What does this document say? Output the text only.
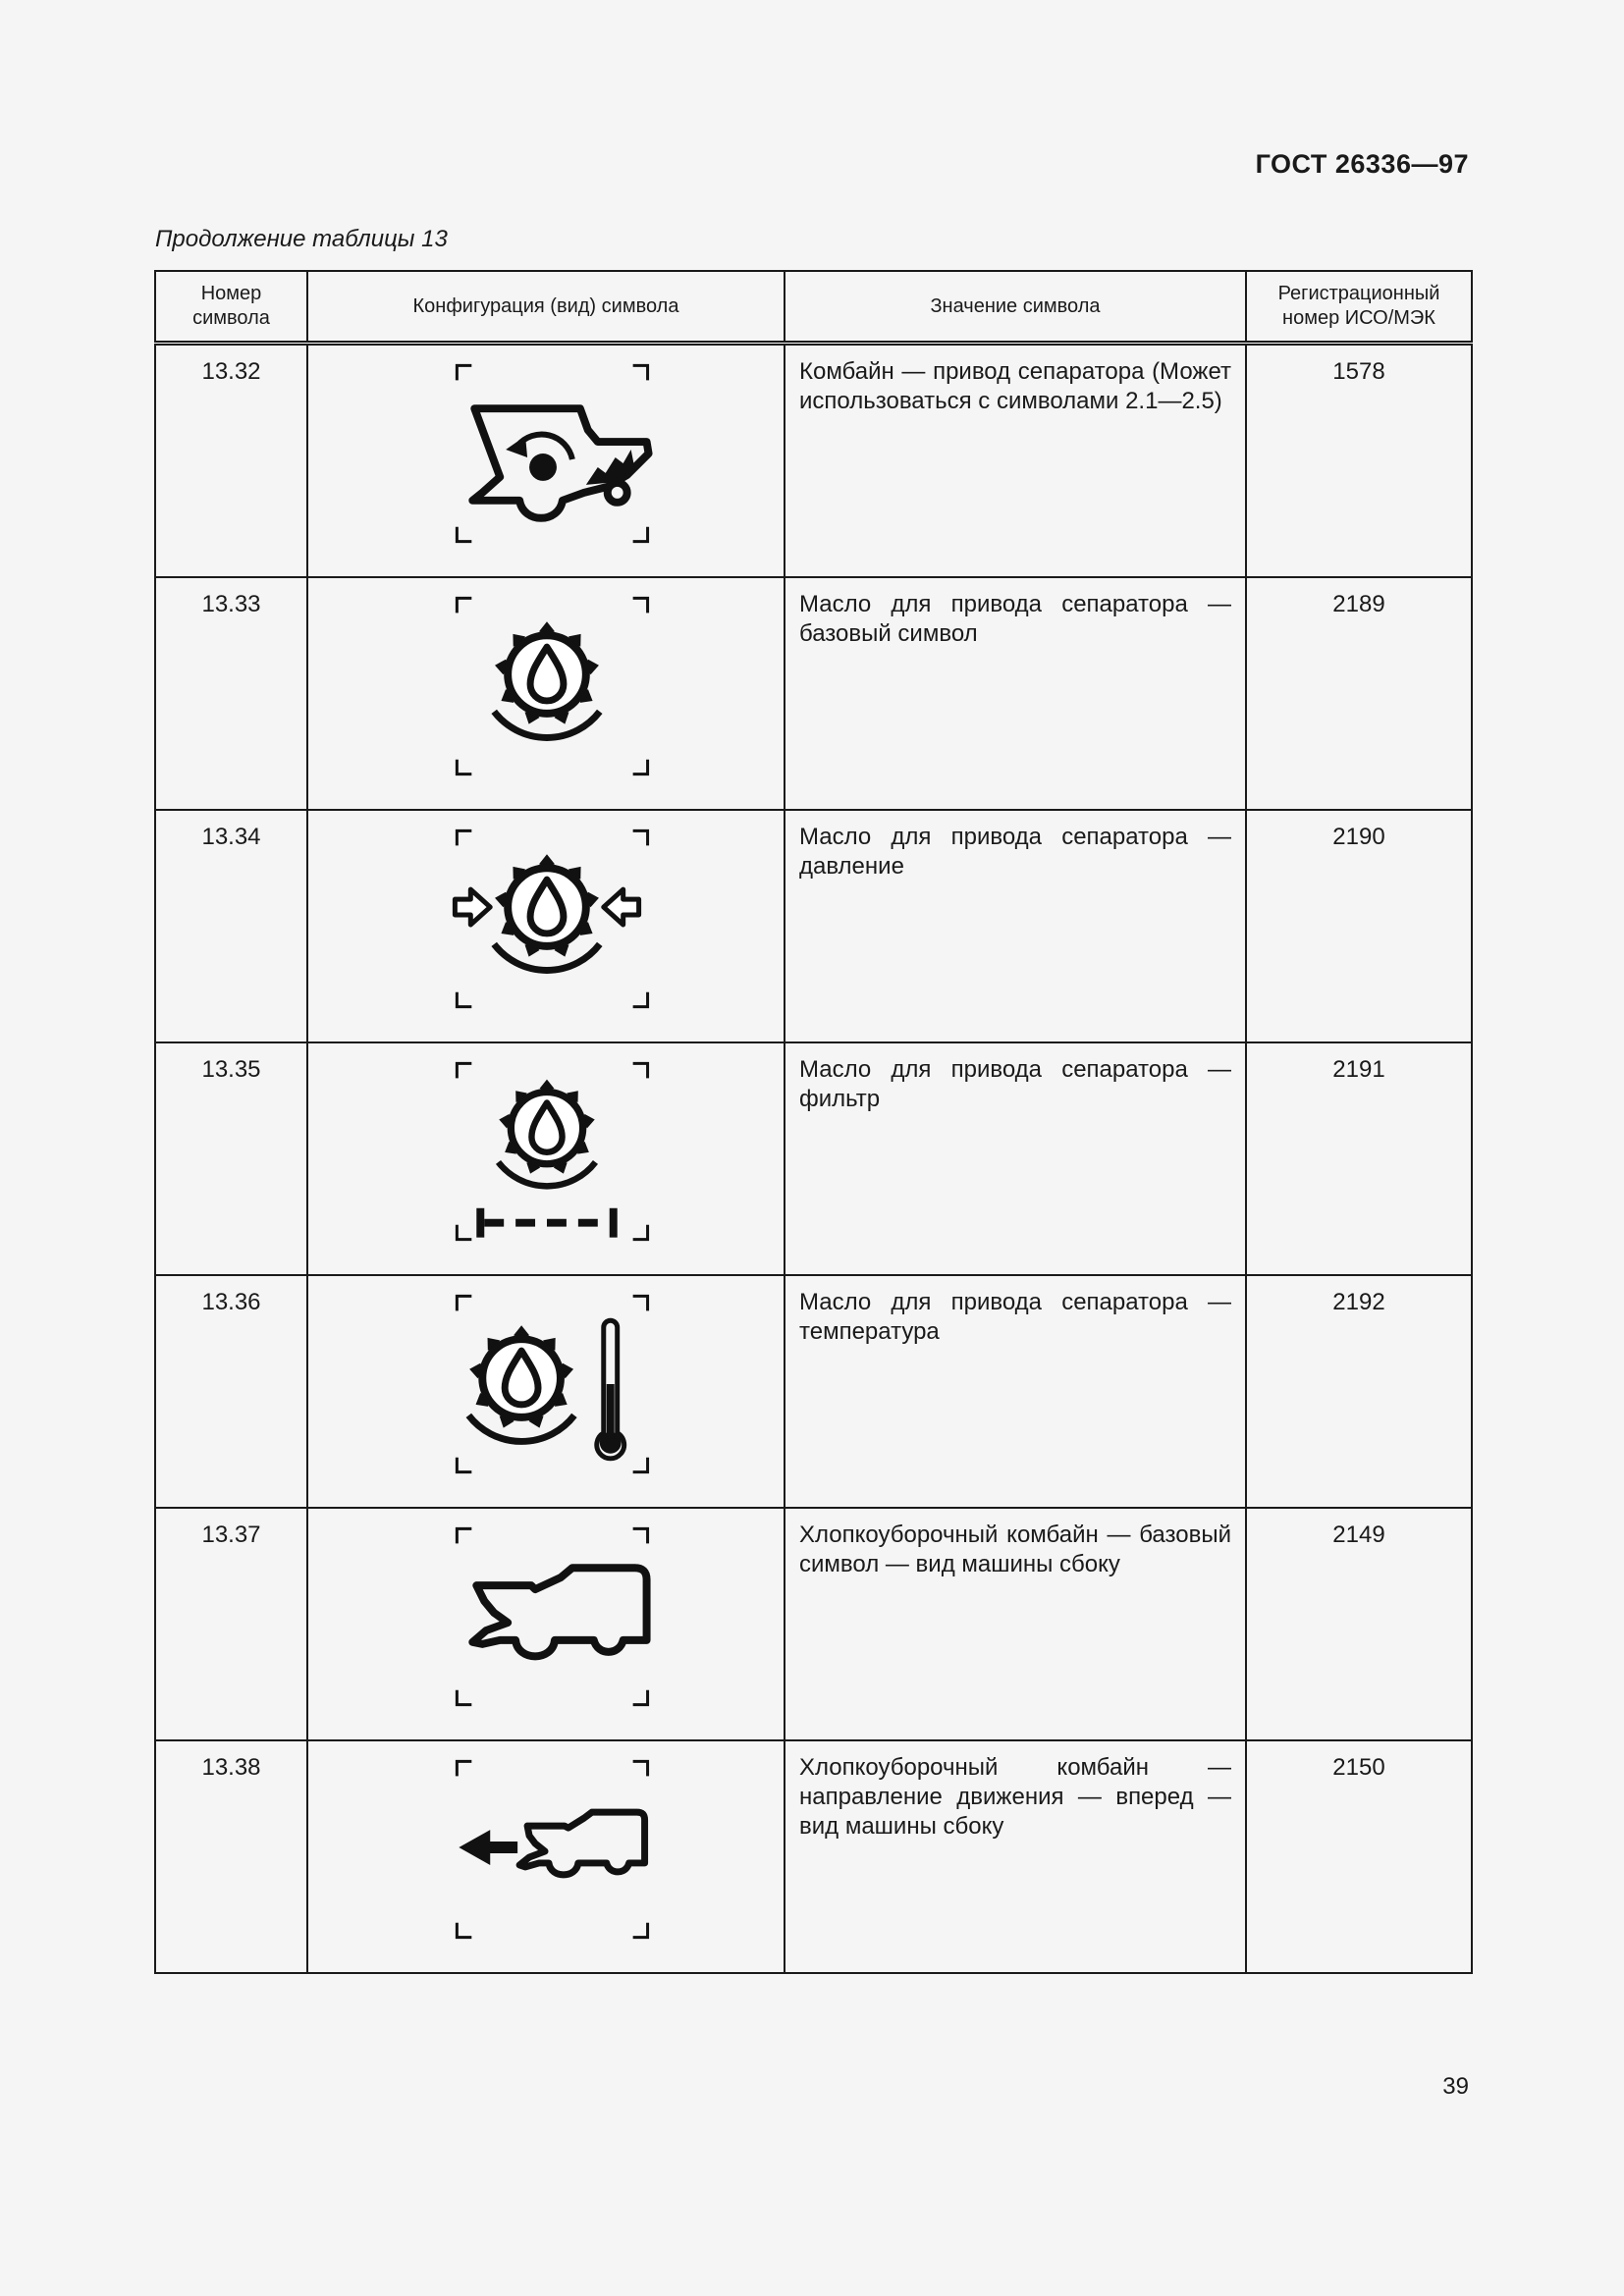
ГОСТ 26336—97
Продолжение таблицы 13
Номер символа	Конфигурация (вид) символа	Значение символа	Регистрационный номер ИСО/МЭК
13.32		Комбайн — привод сепаратора (Может использоваться с символами 2.1—2.5)	1578
13.33		Масло для привода сепаратора — базовый символ	2189
13.34		Масло для привода сепаратора — давление	2190
13.35		Масло для привода сепаратора — фильтр	2191
13.36		Масло для привода сепаратора — температура	2192
13.37		Хлопкоуборочный комбайн — базовый символ — вид машины сбоку	2149
13.38		Хлопкоуборочный комбайн — направление движения — вперед — вид машины сбоку	2150
39
